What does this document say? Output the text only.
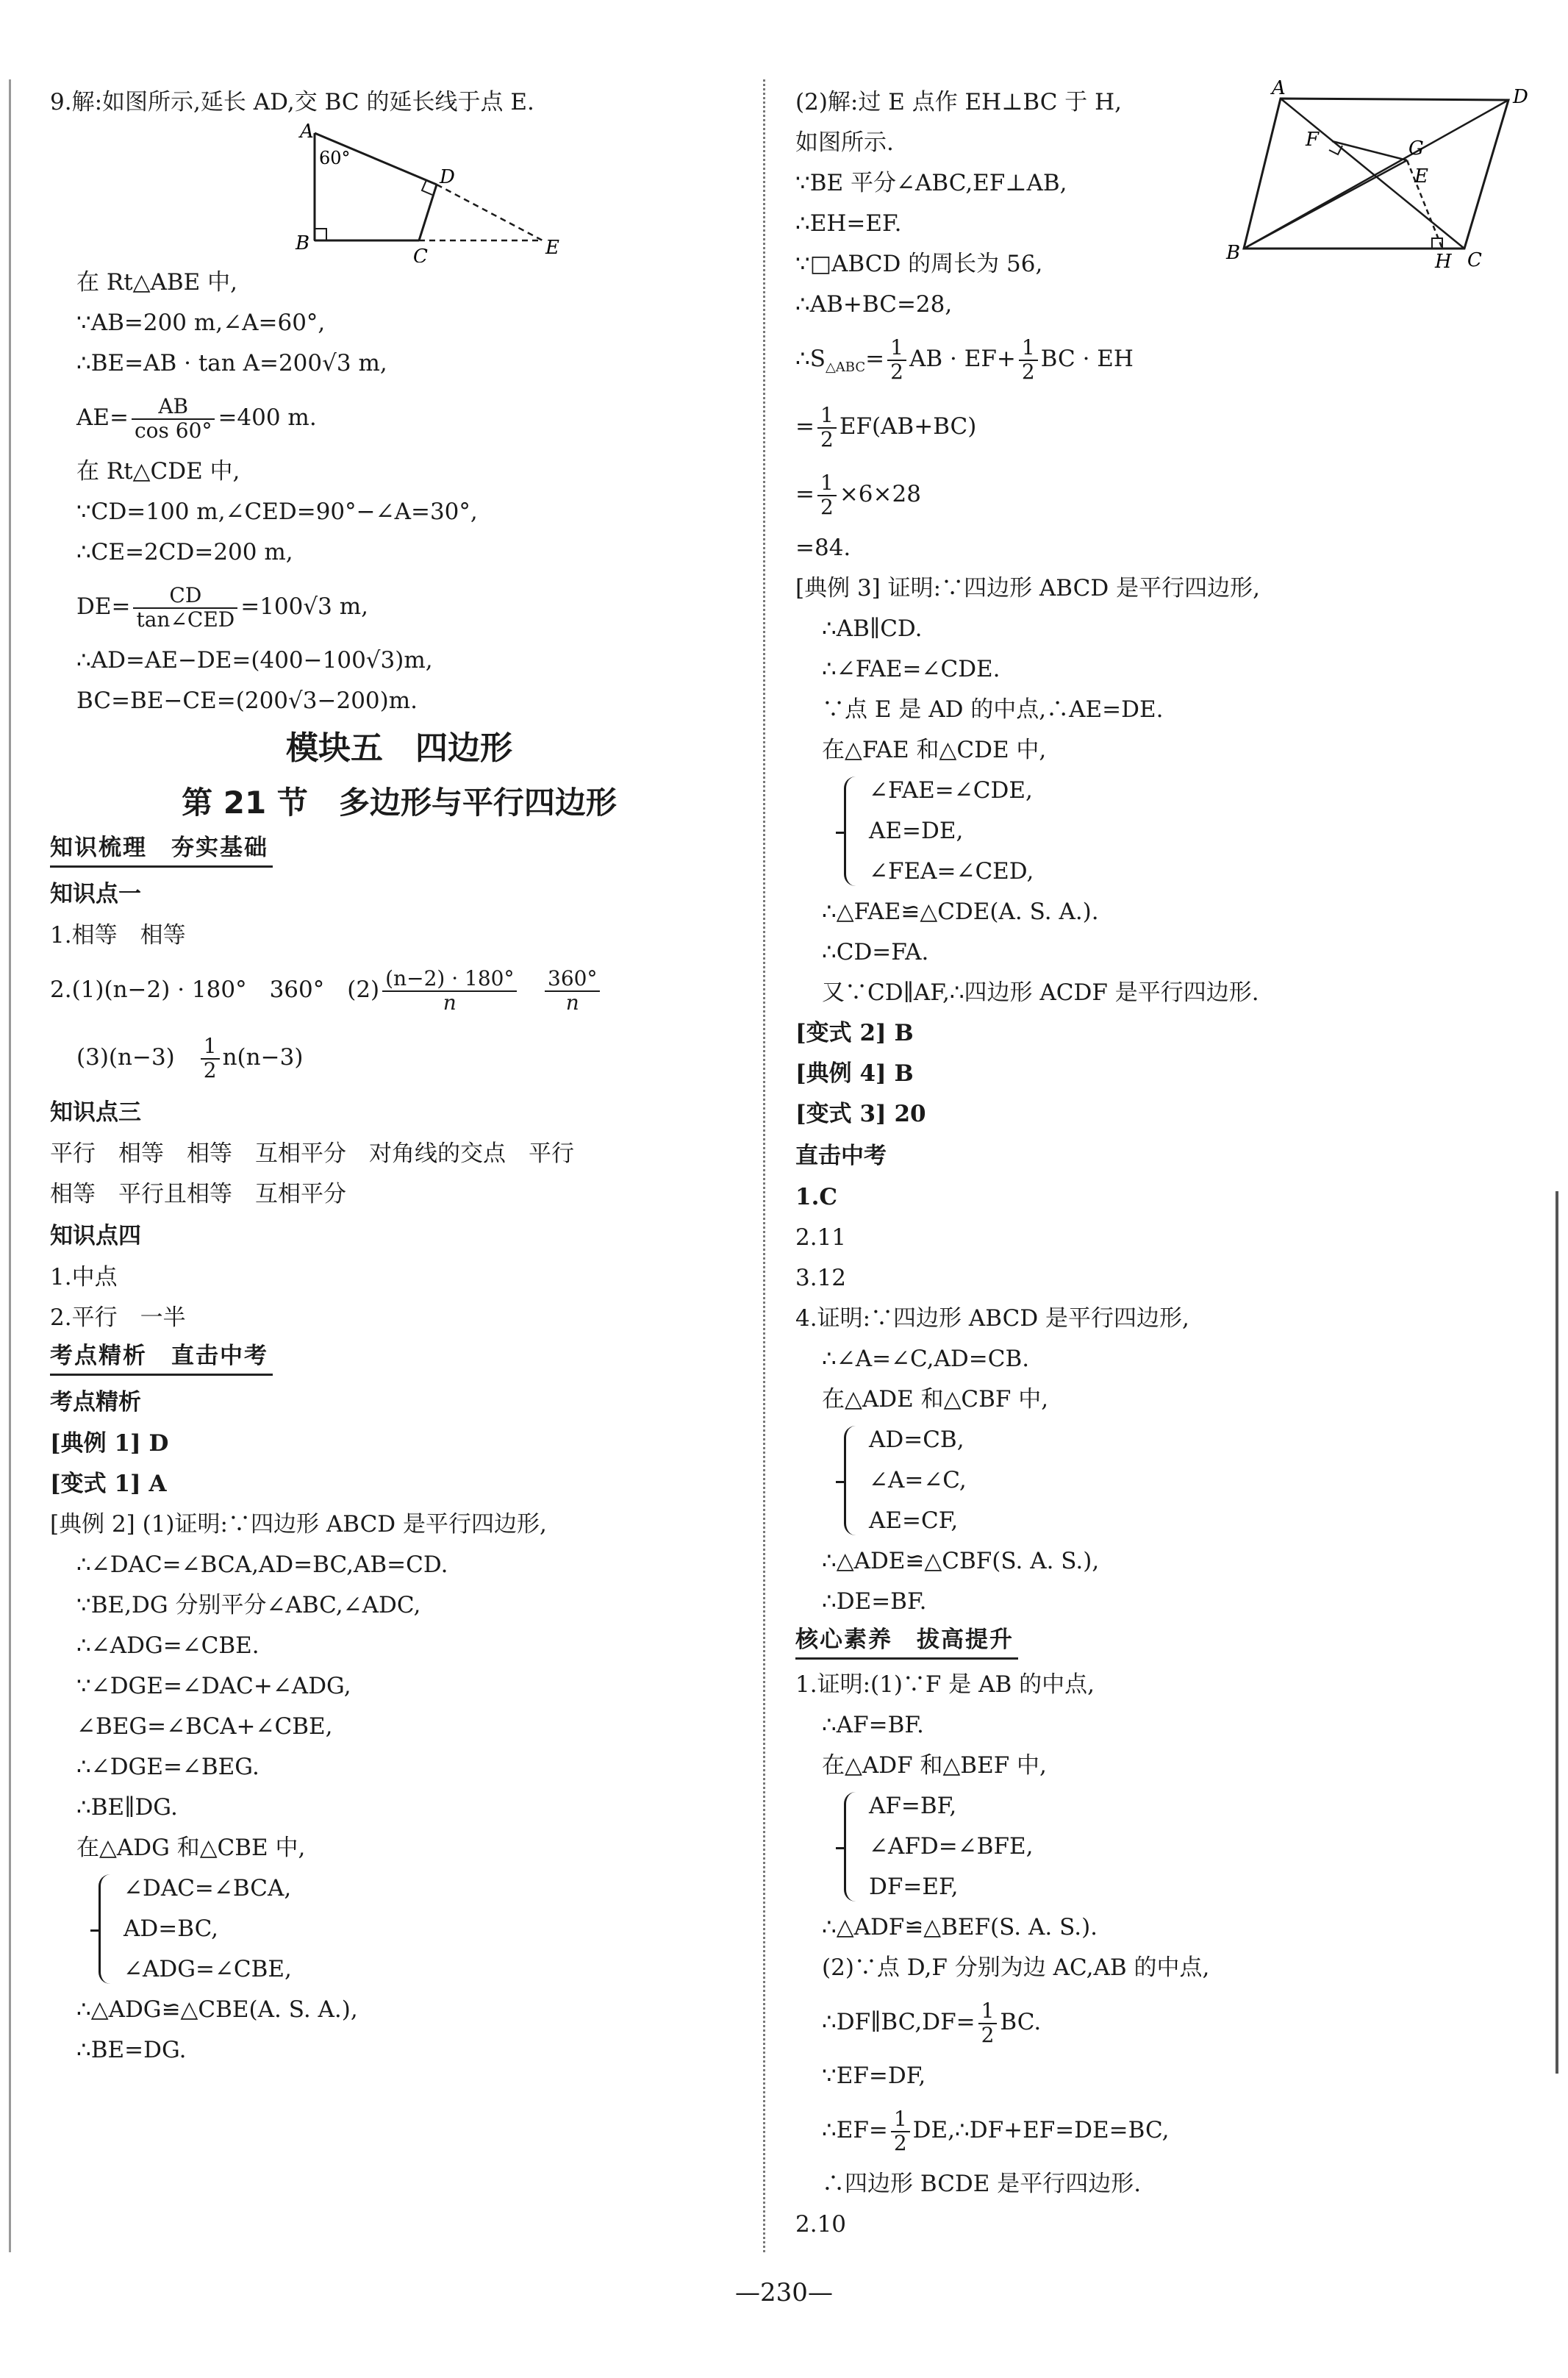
9.解:如图所示,延长 AD,交 BC 的延长线于点 E.
A
60°
D
B
C	E
在 Rt△ABE 中,
∵AB=200 m,∠A=60°,
∴BE=AB · tan A=200√3 m,
$AE= \frac{AB}{\cos 60^\circ} =400$ m.
在 Rt△CDE 中,
∵CD=100 m,∠CED=90°−∠A=30°,
∴CE=2CD=200 m,
$DE= \frac{CD}{\text{tan∠CED}} =100√3$ m,
∴AD=AE−DE=(400−100√3)m,
BC=BE−CE=(200√3−200)m.
模块五　四边形
第 21 节　多边形与平行四边形
知识梳理　夯实基础
知识点一
1.相等　相等
2.(1)(n−2) · 180°　360°　$(2) \frac{(n-2) \cdot 180^\circ}{n}$
$\frac{360^\circ}{n}$
(3)(n−3)　 $\frac{1}{2} n(n-3)$
知识点三
平行　相等　相等　互相平分　对角线的交点　平行
相等　平行且相等　互相平分
知识点四
1.中点
2.平行　一半
考点精析　直击中考
考点精析
[典例 1] D
[变式 1] A
[典例 2] (1)证明:∵四边形 ABCD 是平行四边形,
∴∠DAC=∠BCA,AD=BC,AB=CD.
∵BE,DG 分别平分∠ABC,∠ADC,
∴∠ADG=∠CBE.
∵∠DGE=∠DAC+∠ADG,
∠BEG=∠BCA+∠CBE,
∴∠DGE=∠BEG.
∴BE∥DG.
在△ADG 和△CBE 中,
∠DAC=∠BCA,
AD=BC,
∠ADG=∠CBE,
∴△ADG≌△CBE(A. S. A.),
∴BE=DG.
(2)解:过 E 点作 EH⊥BC 于 H,
如图所示.
∵BE 平分∠ABC,EF⊥AB,
∴EH=EF.
∵□ABCD 的周长为 56,
∴AB+BC=28,
A	D
F	G
E
B	H C
$\therefore S_{\triangle ABC}= \frac{1}{2}$ AB · $EF+ \frac{1}{2}$ BC · EH
= $\frac{1}{2} EF(AB+BC)$
= $\frac{1}{2} \times 6\times 28$
=84.
[典例 3] 证明:∵四边形 ABCD 是平行四边形,
∴AB∥CD.
∴∠FAE=∠CDE.
∵点 E 是 AD 的中点,∴AE=DE.
在△FAE 和△CDE 中,
∠FAE=∠CDE,
AE=DE,
∠FEA=∠CED,
∴△FAE≌△CDE(A. S. A.).
∴CD=FA.
又∵CD∥AF,∴四边形 ACDF 是平行四边形.
[变式 2] B
[典例 4] B
[变式 3] 20
直击中考
1.C
2.11
3.12
4.证明:∵四边形 ABCD 是平行四边形,
∴∠A=∠C,AD=CB.
在△ADE 和△CBF 中,
AD=CB,
∠A=∠C,
AE=CF,
∴△ADE≌△CBF(S. A. S.),
∴DE=BF.
核心素养　拔高提升
1.证明:(1)∵F 是 AB 的中点,
∴AF=BF.
在△ADF 和△BEF 中,
AF=BF,
∠AFD=∠BFE,
DF=EF,
∴△ADF≌△BEF(S. A. S.).
(2)∵点 D,F 分别为边 AC,AB 的中点,
∴DF∥BC,DF= $\frac{1}{2}$ BC.
∵EF=DF,
∴EF= $\frac{1}{2}$ DE,∴DF+EF=DE=BC,
∴四边形 BCDE 是平行四边形.
2.10
—230—
